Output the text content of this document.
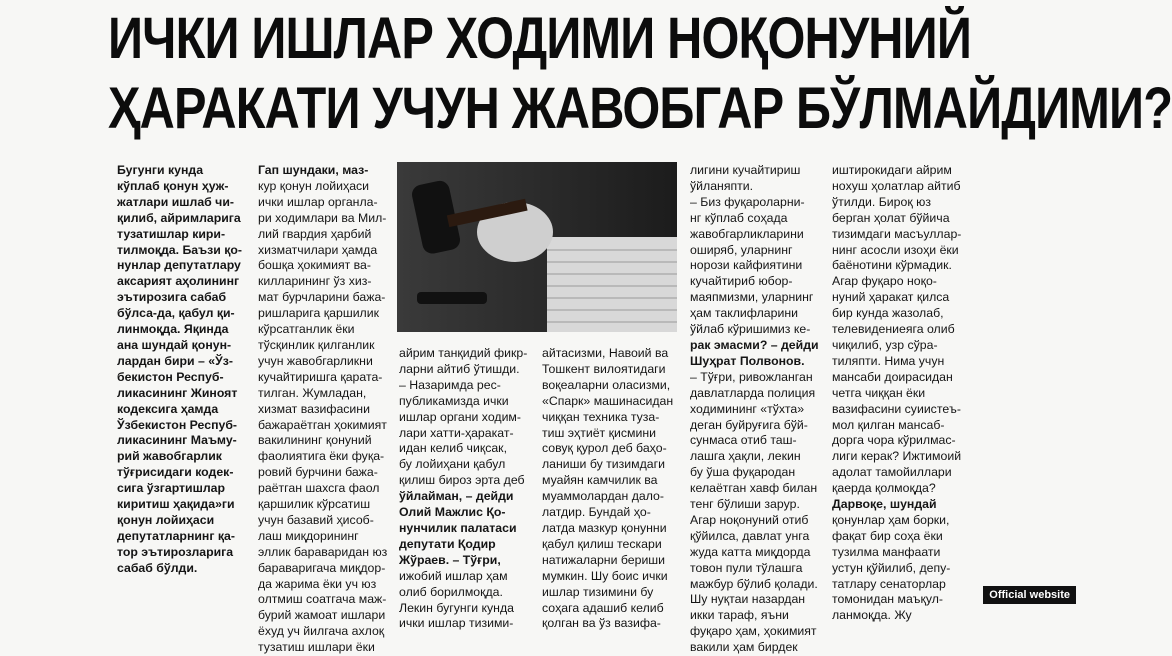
ИЧКИ ИШЛАР ХОДИМИ НОҚОНУНИЙ
ҲАРАКАТИ УЧУН ЖАВОБГАР БЎЛМАЙДИМИ?
Бугунги кунда
кўплаб қонун ҳуж-
жатлари ишлаб чи-
қилиб, айримларига
тузатишлар кири-
тилмоқда. Баъзи қо-
нунлар депутатлару
аксарият аҳолининг
эътирозига сабаб
бўлса-да, қабул қи-
линмоқда. Яқинда
ана шундай қонун-
лардан бири – «Ўз-
бекистон Респуб-
ликасининг Жиноят
кодексига ҳамда
Ўзбекистон Респуб-
ликасининг Маъму-
рий жавобгарлик
тўғрисидаги кодек-
сига ўзгартишлар
киритиш ҳақида»ги
қонун лойиҳаси
депутатларнинг қа-
тор эътирозларига
сабаб бўлди.
Гап шундаки, маз-
кур қонун лойиҳаси
ички ишлар органла-
ри ходимлари ва Мил-
лий гвардия ҳарбий
хизматчилари ҳамда
бошқа ҳокимият ва-
килларининг ўз хиз-
мат бурчларини бажа-
ришларига қаршилик
кўрсатганлик ёки
тўсқинлик қилганлик
учун жавобгарликни
кучайтиришга қарата-
тилган. Жумладан,
хизмат вазифасини
бажараётган ҳокимият
вакилининг қонуний
фаолиятига ёки фуқа-
ровий бурчини бажа-
раётган шахсга фаол
қаршилик кўрсатиш
учун базавий ҳисоб-
лаш миқдорининг
эллик бараваридан юз
бараваригача миқдор-
да жарима ёки уч юз
олтмиш соатгача маж-
бурий жамоат ишлари
ёхуд уч йилгача ахлоқ
тузатиш ишлари ёки
айрим танқидий фикр-
ларни айтиб ўтишди.
– Назаримда рес-
публикамизда ички
ишлар органи ходим-
лари хатти-ҳаракат-
идан келиб чиқсак,
бу лойиҳани қабул
қилиш бироз эрта деб
ўйлайман, – дейди
Олий Мажлис Қо-
нунчилик палатаси
депутати Қодир
Жўраев. – Тўғри,
ижобий ишлар ҳам
олиб борилмоқда.
Лекин бугунги кунда
ички ишлар тизими-
айтасизми, Навоий ва
Тошкент вилоятидаги
воқеаларни оласизми,
«Спарк» машинасидан
чиққан техника тузa-
тиш эҳтиёт қисмини
совуқ қурол деб баҳо-
ланиши бу тизимдаги
муайян камчилик ва
муаммолардан дало-
латдир. Бундай ҳо-
латда мазкур қонунни
қабул қилиш тескари
натижаларни бериши
мумкин. Шу боис ички
ишлар тизимини бу
соҳага адашиб келиб
қолган ва ўз вазифа-
лигини кучайтириш
ўйланяпти.
– Биз фуқароларни-
нг кўплаб соҳада
жавобгарликларини
оширяб, уларнинг
норози кайфиятини
кучайтириб юбор-
маяпмизми, уларнинг
ҳам таклифларини
ўйлаб кўришимиз ке-
рак эмасми? – дейди
Шуҳрат Полвонов.
– Тўғри, ривожланган
давлатларда полиция
ходимининг «тўхта»
деган буйруғига бўй-
сунмаса отиб таш-
лашга ҳақли, лекин
бу ўша фуқародан
келаётган хавф билан
тенг бўлиши зарур.
Агар ноқонуний отиб
қўйилса, давлат унга
жуда катта миқдорда
товон пули тўлашга
мажбур бўлиб қолади.
Шу нуқтаи назардан
икки тараф, яъни
фуқаро ҳам, ҳокимият
вакили ҳам бирдек
иштирокидаги айрим
ноxуш ҳолатлар айтиб
ўтилди. Бироқ юз
берган ҳолат бўйича
тизимдаги масъуллар-
нинг асосли изоҳи ёки
баёнотини кўрмадик.
Агар фуқаро ноқо-
нуний ҳаракат қилса
бир кунда жазолаб,
телевидениеяга олиб
чиқилиб, узр сўра-
тиляпти. Нима учун
мансаби доирасидан
четга чиққан ёки
вазифасини суиистеъ-
мол қилган мансаб-
дорга чора кўрилмас-
лиги керак? Ижтимоий
адолат тамойиллари
қаерда қолмоқда?
Дарвоқе, шундай
қонунлар ҳам борки,
фақат бир соҳа ёки
тузилма манфаати
устун қўйилиб, депу-
татларy сенаторлар
томонидан маъқул-
ланмоқда. Жу
Official website
